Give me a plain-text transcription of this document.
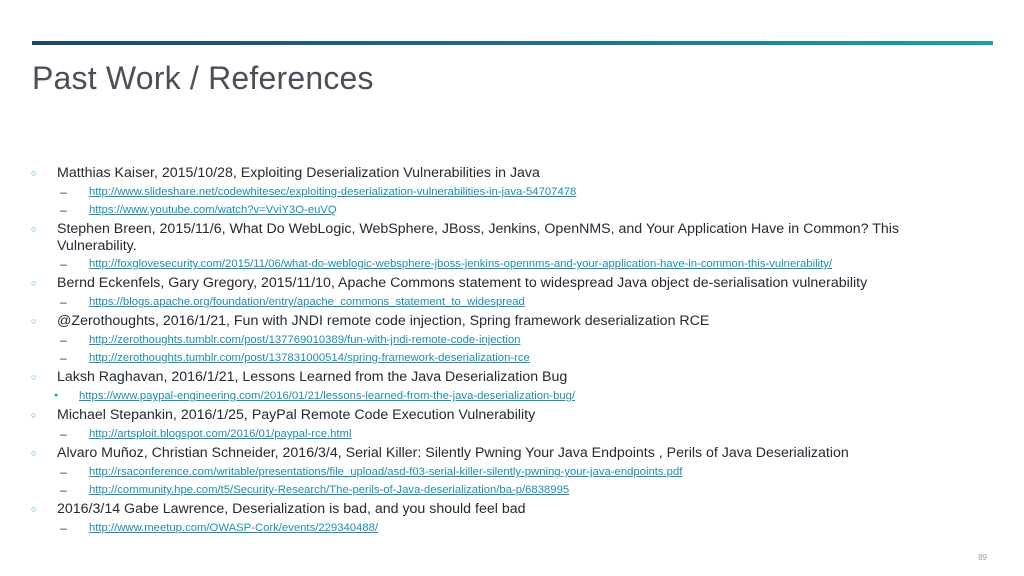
Past Work / References
○	Matthias Kaiser, 2015/10/28, Exploiting Deserialization Vulnerabilities in Java
–	http://www.slideshare.net/codewhitesec/exploiting-deserialization-vulnerabilities-in-java-54707478
–	https://www.youtube.com/watch?v=VviY3O-euVQ
○	Stephen Breen, 2015/11/6, What Do WebLogic, WebSphere, JBoss, Jenkins, OpenNMS, and Your Application Have in Common? This Vulnerability.
–	http://foxglovesecurity.com/2015/11/06/what-do-weblogic-websphere-jboss-jenkins-opennms-and-your-application-have-in-common-this-vulnerability/
○	Bernd Eckenfels, Gary Gregory, 2015/11/10, Apache Commons statement to widespread Java object de-serialisation vulnerability
–	https://blogs.apache.org/foundation/entry/apache_commons_statement_to_widespread
○	@Zerothoughts, 2016/1/21, Fun with JNDI remote code injection, Spring framework deserialization RCE
–	http://zerothoughts.tumblr.com/post/137769010389/fun-with-jndi-remote-code-injection
–	http://zerothoughts.tumblr.com/post/137831000514/spring-framework-deserialization-rce
○	Laksh Raghavan, 2016/1/21, Lessons Learned from the Java Deserialization Bug
●	https://www.paypal-engineering.com/2016/01/21/lessons-learned-from-the-java-deserialization-bug/
○	Michael Stepankin, 2016/1/25, PayPal Remote Code Execution Vulnerability
–	http://artsploit.blogspot.com/2016/01/paypal-rce.html
○	Alvaro Muñoz, Christian Schneider, 2016/3/4, Serial Killer: Silently Pwning Your Java Endpoints , Perils of Java Deserialization
–	http://rsaconference.com/writable/presentations/file_upload/asd-f03-serial-killer-silently-pwning-your-java-endpoints.pdf
–	http://community.hpe.com/t5/Security-Research/The-perils-of-Java-deserialization/ba-p/6838995
○	2016/3/14 Gabe Lawrence, Deserialization is bad, and you should feel bad
–	http://www.meetup.com/OWASP-Cork/events/229340488/
89
